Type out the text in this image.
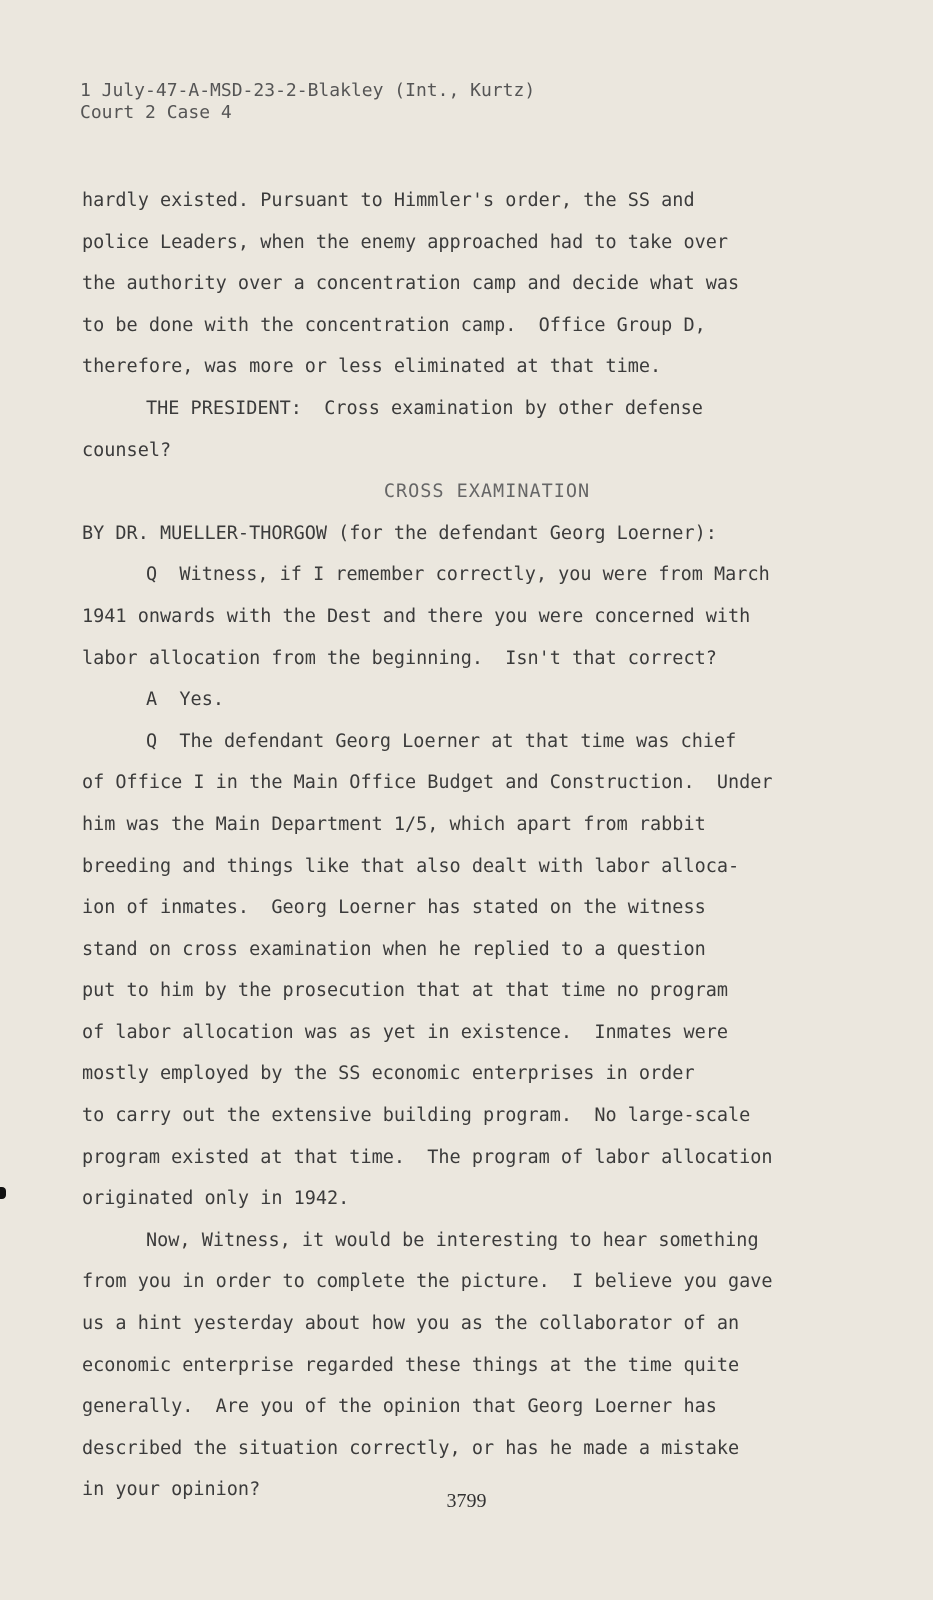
1 July-47-A-MSD-23-2-Blakley (Int., Kurtz)
Court 2 Case 4
hardly existed. Pursuant to Himmler's order, the SS and
police Leaders, when the enemy approached had to take over
the authority over a concentration camp and decide what was
to be done with the concentration camp.  Office Group D,
therefore, was more or less eliminated at that time.
THE PRESIDENT:  Cross examination by other defense
counsel?
CROSS EXAMINATION
BY DR. MUELLER-THORGOW (for the defendant Georg Loerner):
Q  Witness, if I remember correctly, you were from March
1941 onwards with the Dest and there you were concerned with
labor allocation from the beginning.  Isn't that correct?
A  Yes.
Q  The defendant Georg Loerner at that time was chief
of Office I in the Main Office Budget and Construction.  Under
him was the Main Department 1/5, which apart from rabbit
breeding and things like that also dealt with labor alloca-
ion of inmates.  Georg Loerner has stated on the witness
stand on cross examination when he replied to a question
put to him by the prosecution that at that time no program
of labor allocation was as yet in existence.  Inmates were
mostly employed by the SS economic enterprises in order
to carry out the extensive building program.  No large-scale
program existed at that time.  The program of labor allocation
originated only in 1942.
Now, Witness, it would be interesting to hear something
from you in order to complete the picture.  I believe you gave
us a hint yesterday about how you as the collaborator of an
economic enterprise regarded these things at the time quite
generally.  Are you of the opinion that Georg Loerner has
described the situation correctly, or has he made a mistake
in your opinion?
3799
